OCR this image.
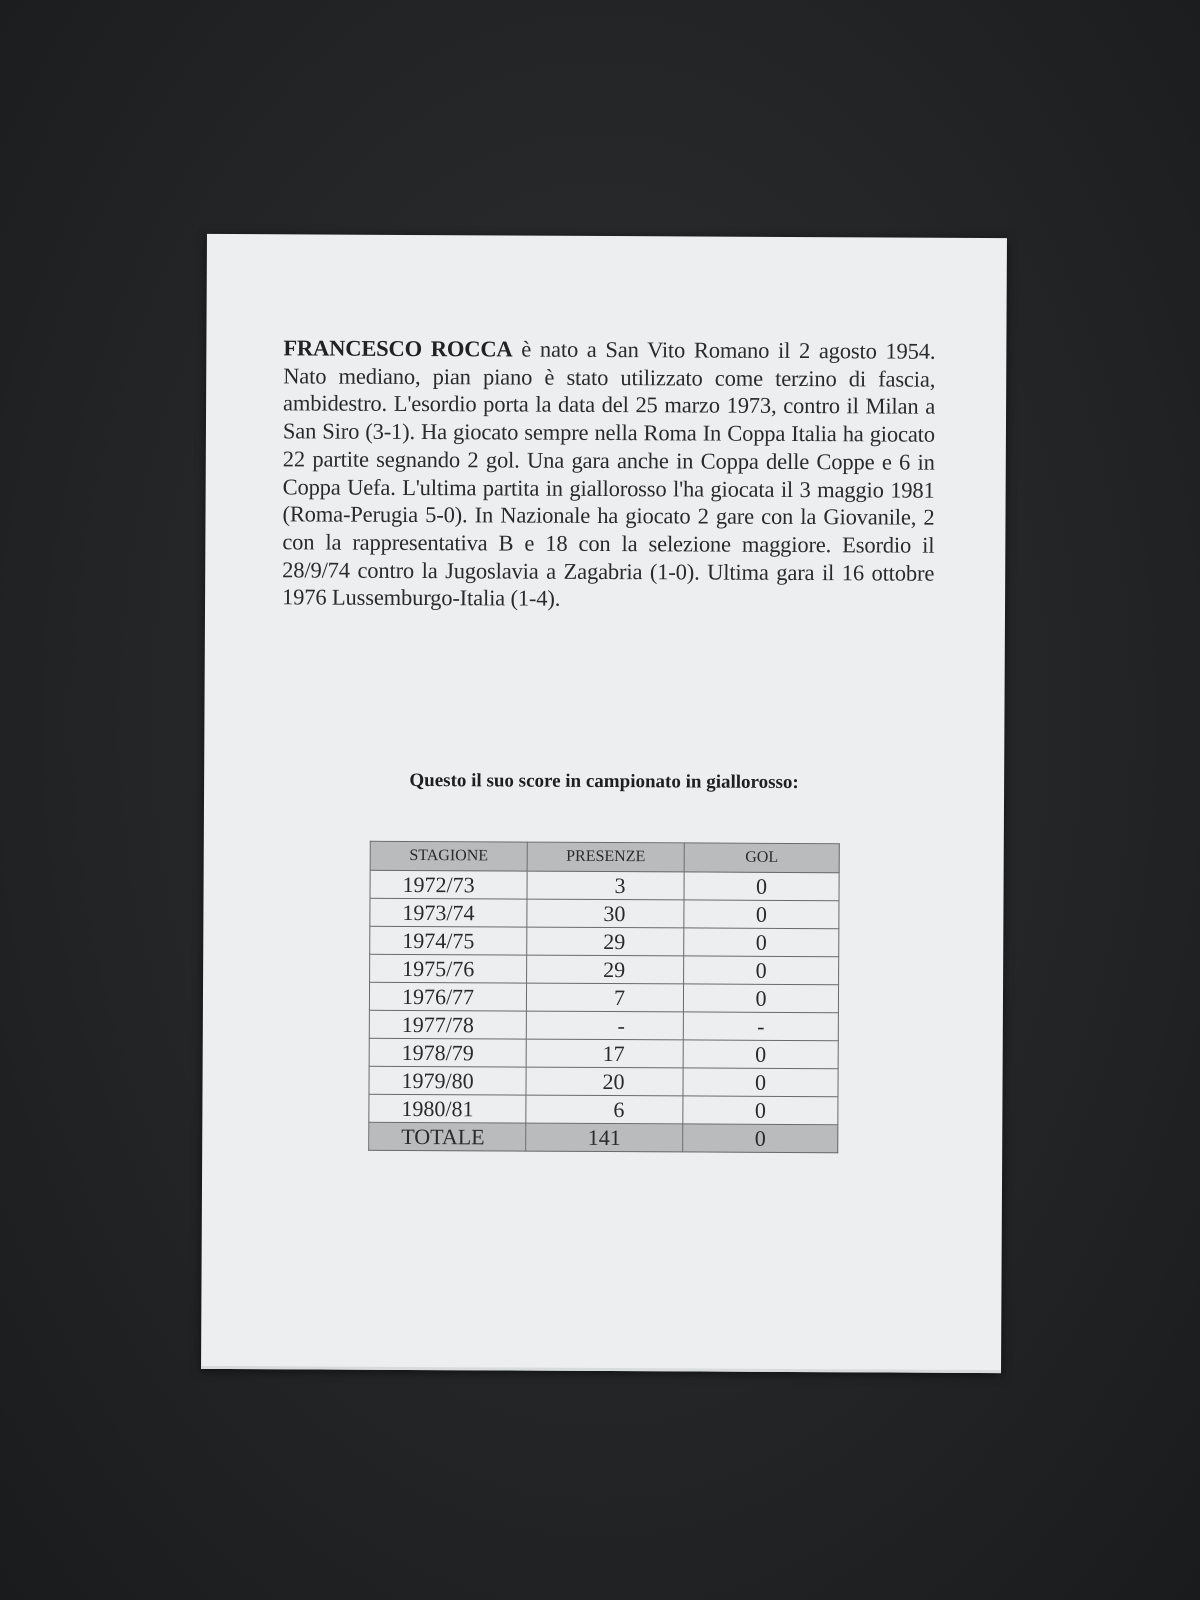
FRANCESCO ROCCA è nato a San Vito Romano il 2 agosto 1954. Nato mediano, pian piano è stato utilizzato come terzino di fascia, ambidestro. L'esordio porta la data del 25 marzo 1973, contro il Milan a San Siro (3-1). Ha giocato sempre nella Roma In Coppa Italia ha giocato 22 partite segnando 2 gol. Una gara anche in Coppa delle Coppe e 6 in Coppa Uefa. L'ultima partita in giallorosso l'ha giocata il 3 maggio 1981 (Roma-Perugia 5-0). In Nazionale ha giocato 2 gare con la Giovanile, 2 con la rappresentativa B e 18 con la selezione maggiore. Esordio il 28/9/74 contro la Jugoslavia a Zagabria (1-0). Ultima gara il 16 ottobre 1976 Lussemburgo-Italia (1-4).

Questo il suo score in campionato in giallorosso:

STAGIONE	PRESENZE	GOL
1972/73	3	0
1973/74	30	0
1974/75	29	0
1975/76	29	0
1976/77	7	0
1977/78	-	-
1978/79	17	0
1979/80	20	0
1980/81	6	0
TOTALE	141	0
